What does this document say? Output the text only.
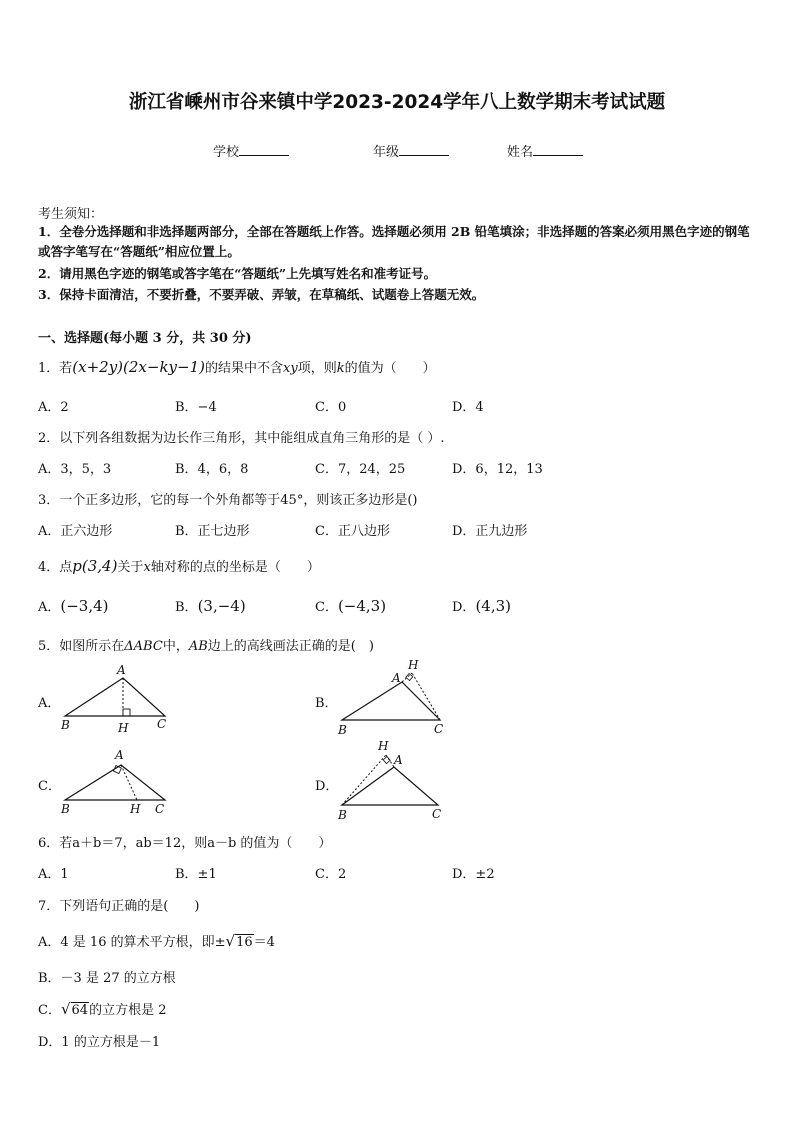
浙江省嵊州市谷来镇中学2023-2024学年八上数学期末考试试题
学校	年级	姓名
考生须知：
1．全卷分选择题和非选择题两部分，全部在答题纸上作答。选择题必须用 2B 铅笔填涂；非选择题的答案必须用黑色字迹的钢笔或答字笔写在“答题纸”相应位置上。
2．请用黑色字迹的钢笔或答字笔在“答题纸”上先填写姓名和准考证号。
3．保持卡面清洁，不要折叠，不要弄破、弄皱，在草稿纸、试题卷上答题无效。
一、选择题(每小题 3 分，共 30 分)
1．若(x+2y)(2x−ky−1)的结果中不含xy项，则k的值为（　　）
A．2	B．−4	C．0	D．4
2．以下列各组数据为边长作三角形，其中能组成直角三角形的是（ ）.
A．3，5，3	B．4，6，8	C．7，24，25	D．6，12，13
3．一个正多边形，它的每一个外角都等于45°，则该正多边形是()
A．正六边形	B．正七边形	C．正八边形	D．正九边形
4．点p(3,4)关于x轴对称的点的坐标是（　　）
A．(−3,4)	B．(3,−4)	C．(−4,3)	D．(4,3)
5．如图所示在ΔABC中，AB边上的高线画法正确的是(　)
A．	B．
C．	D．
A
B	H C
A
H
B	C
A
B	H C
H
A
B	C
6．若a＋b＝7，ab＝12，则a－b 的值为（　　）
A．1	B．±1	C．2	D．±2
7．下列语句正确的是(　　)
A．4 是 16 的算术平方根，即±√16＝4
B．－3 是 27 的立方根
C．√64的立方根是 2
D．1 的立方根是－1
